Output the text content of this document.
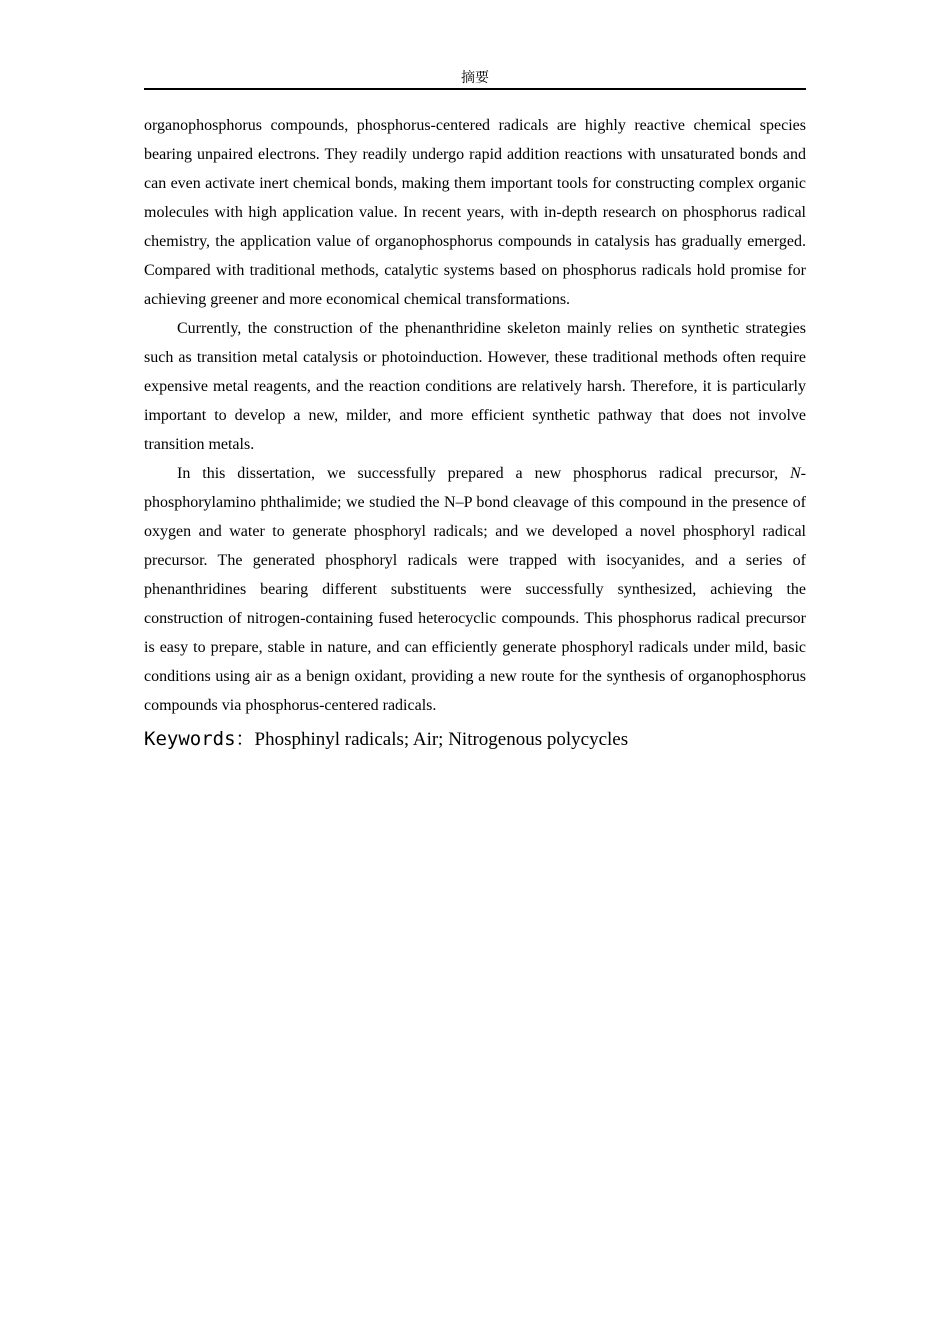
摘要

organophosphorus compounds, phosphorus-centered radicals are highly reactive chemical species bearing unpaired electrons. They readily undergo rapid addition reactions with unsaturated bonds and can even activate inert chemical bonds, making them important tools for constructing complex organic molecules with high application value. In recent years, with in-depth research on phosphorus radical chemistry, the application value of organophosphorus compounds in catalysis has gradually emerged. Compared with traditional methods, catalytic systems based on phosphorus radicals hold promise for achieving greener and more economical chemical transformations.

Currently, the construction of the phenanthridine skeleton mainly relies on synthetic strategies such as transition metal catalysis or photoinduction. However, these traditional methods often require expensive metal reagents, and the reaction conditions are relatively harsh. Therefore, it is particularly important to develop a new, milder, and more efficient synthetic pathway that does not involve transition metals.

In this dissertation, we successfully prepared a new phosphorus radical precursor, N-phosphorylamino phthalimide; we studied the N–P bond cleavage of this compound in the presence of oxygen and water to generate phosphoryl radicals; and we developed a novel phosphoryl radical precursor. The generated phosphoryl radicals were trapped with isocyanides, and a series of phenanthridines bearing different substituents were successfully synthesized, achieving the construction of nitrogen-containing fused heterocyclic compounds. This phosphorus radical precursor is easy to prepare, stable in nature, and can efficiently generate phosphoryl radicals under mild, basic conditions using air as a benign oxidant, providing a new route for the synthesis of organophosphorus compounds via phosphorus-centered radicals.

Keywords：Phosphinyl radicals; Air; Nitrogenous polycycles
